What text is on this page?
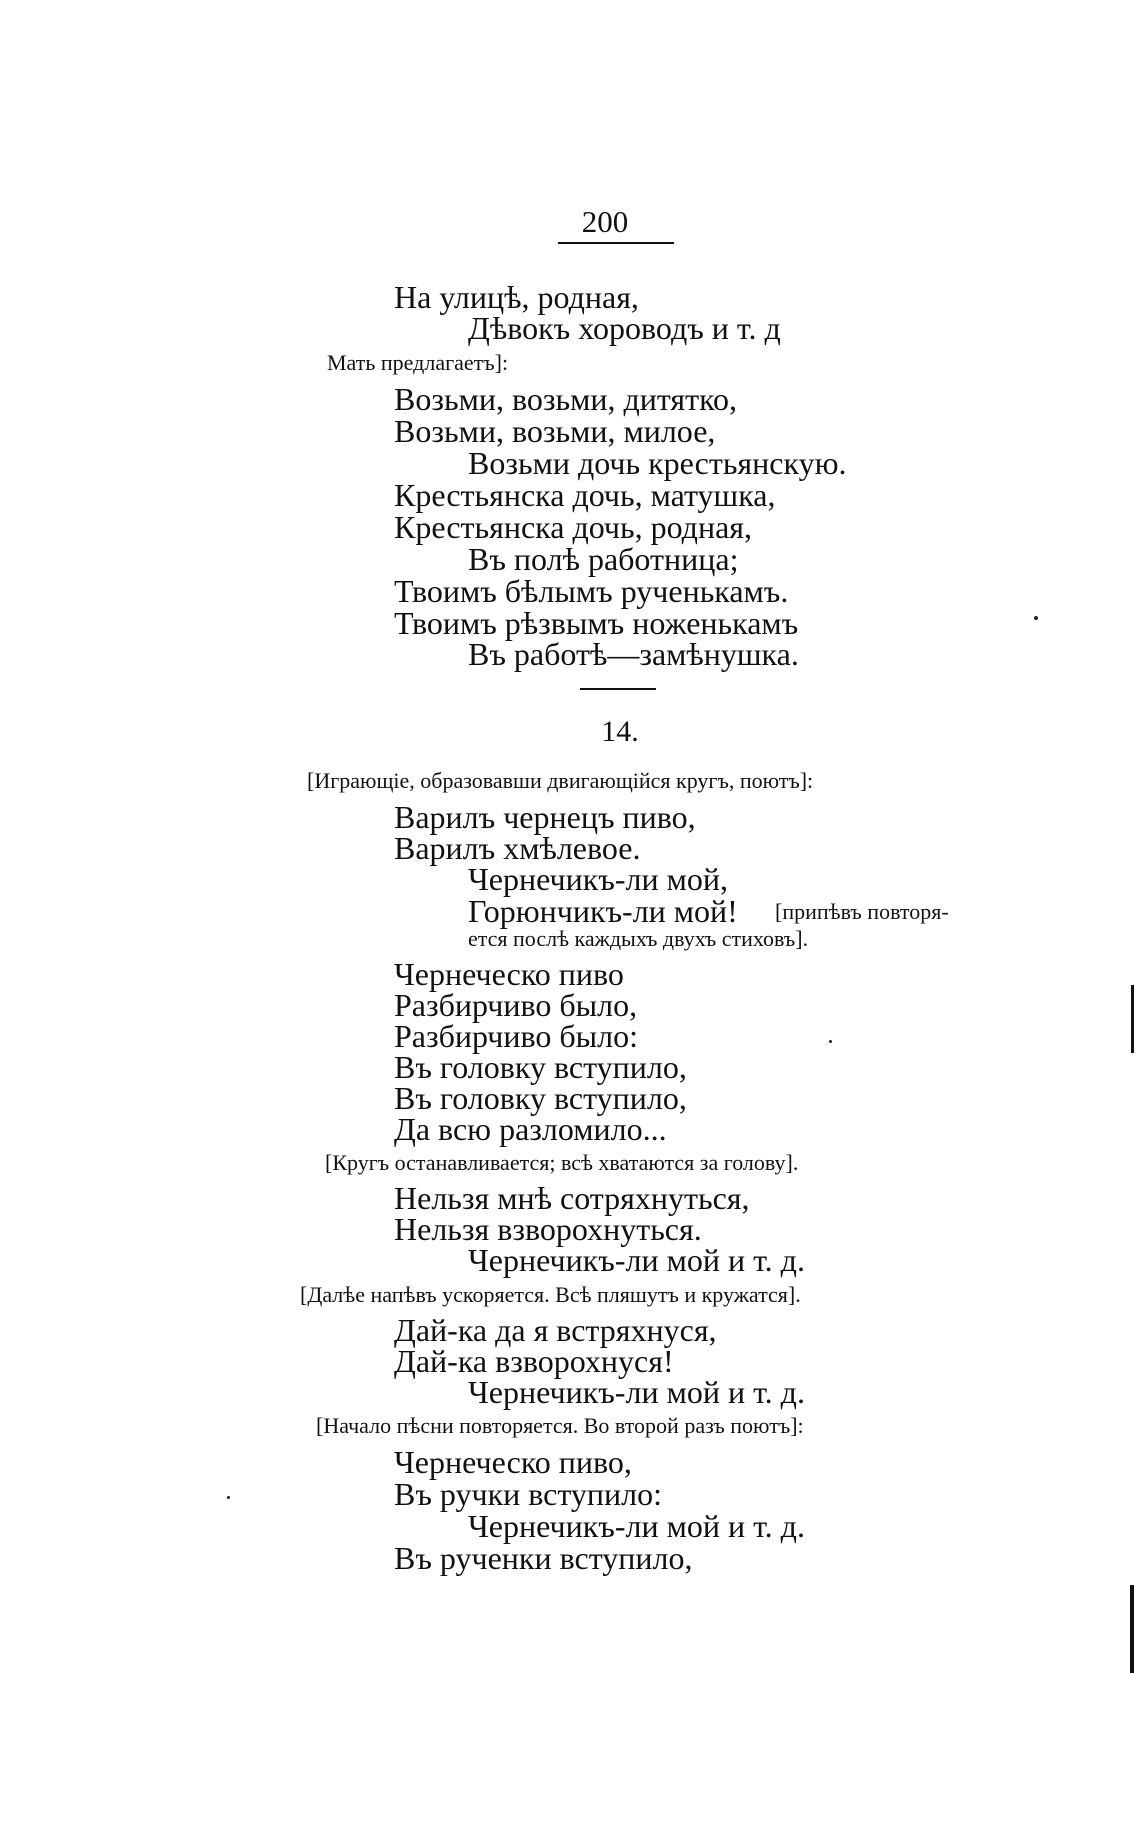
200
На улицѣ, родная,
Дѣвокъ хороводъ и т. д
Мать предлагаетъ]:
Возьми, возьми, дитятко,
Возьми, возьми, милое,
Возьми дочь крестьянскую.
Крестьянска дочь, матушка,
Крестьянска дочь, родная,
Въ полѣ работница;
Твоимъ бѣлымъ рученькамъ.
Твоимъ рѣзвымъ ноженькамъ
Въ работѣ—замѣнушка.
14.
[Играющіе, образовавши двигающійся кругъ, поютъ]:
Варилъ чернецъ пиво,
Варилъ хмѣлевое.
Чернечикъ-ли мой,
Горюнчикъ-ли мой! [припѣвъ повторя-
ется послѣ каждыхъ двухъ стиховъ].
Чернеческо пиво
Разбирчиво было,
Разбирчиво было:
Въ головку вступило,
Въ головку вступило,
Да всю разломило...
[Кругъ останавливается; всѣ хватаются за голову].
Нельзя мнѣ сотряхнуться,
Нельзя взворохнуться.
Чернечикъ-ли мой и т. д.
[Далѣе напѣвъ ускоряется. Всѣ пляшутъ и кружатся].
Дай-ка да я встряхнуся,
Дай-ка взворохнуся!
Чернечикъ-ли мой и т. д.
[Начало пѣсни повторяется. Во второй разъ поютъ]:
Чернеческо пиво,
Въ ручки вступило:
Чернечикъ-ли мой и т. д.
Въ рученки вступило,
